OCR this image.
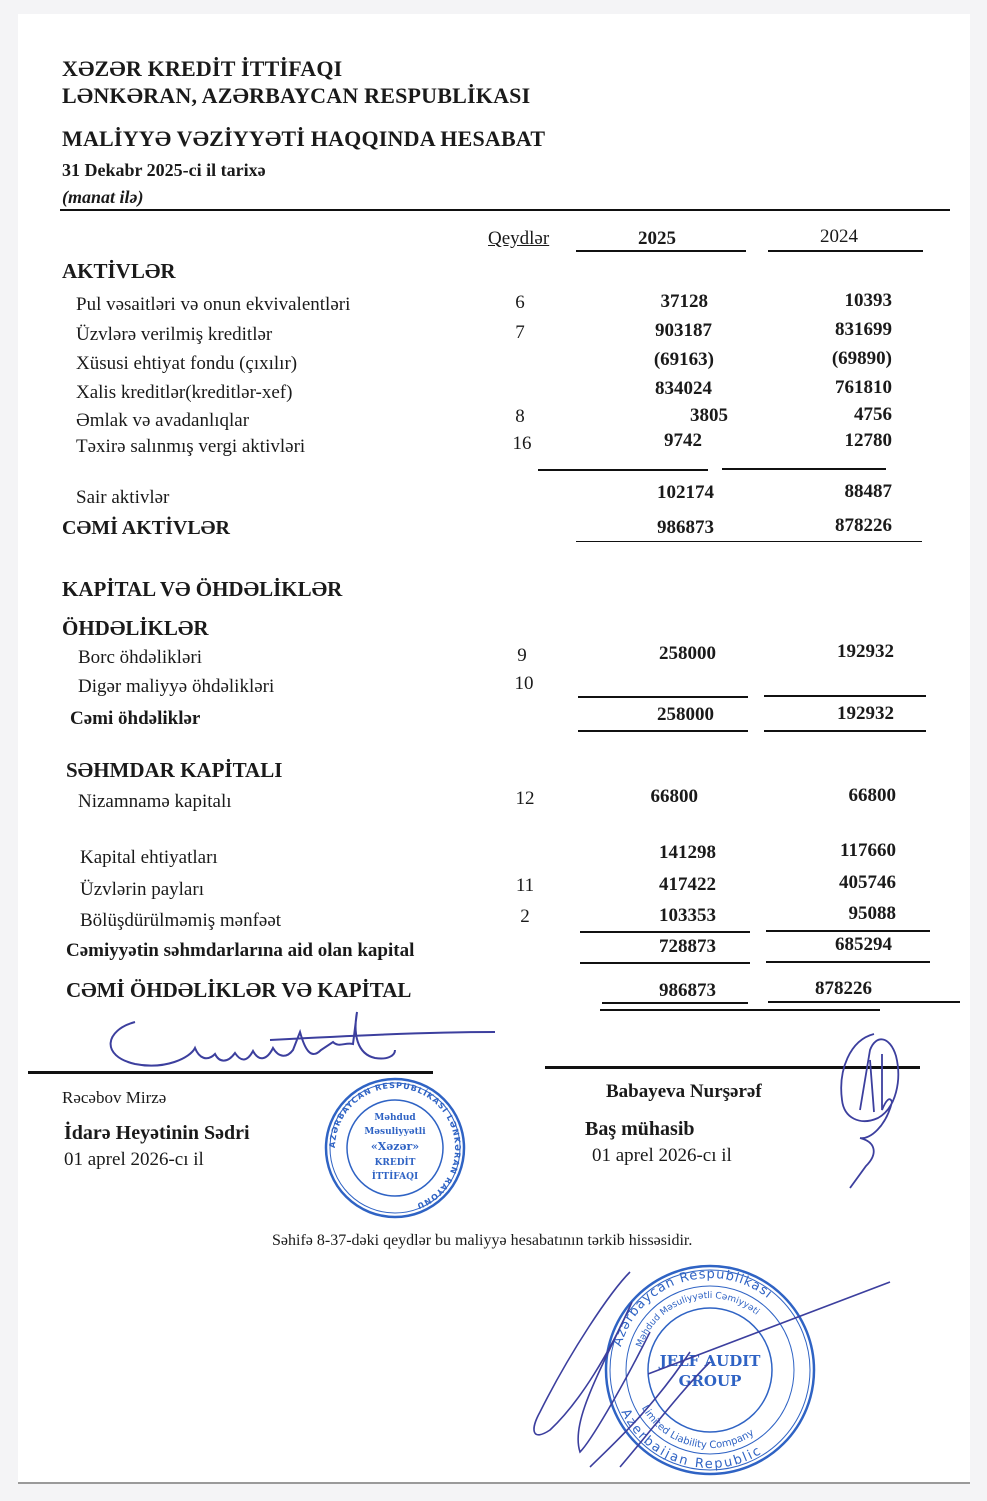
XƏZƏR KREDİT İTTİFAQI
LƏNKƏRAN, AZƏRBAYCAN RESPUBLİKASI
MALİYYƏ VƏZİYYƏTİ HAQQINDA HESABAT
31 Dekabr 2025-ci il tarixə
(manat ilə)
Qeydlər	2025	2024
AKTİVLƏR
Pul vəsaitləri və onun ekvivalentləri	6	37128	10393
Üzvlərə verilmiş kreditlər	7	903187	831699
Xüsusi ehtiyat fondu (çıxılır)	(69163)	(69890)
Xalis kreditlər(kreditlər-xef)	834024	761810
Əmlak və avadanlıqlar	8	3805	4756
Təxirə salınmış vergi aktivləri	16	9742	12780
Sair aktivlər	102174	88487
CƏMİ AKTİVLƏR	986873	878226
KAPİTAL VƏ ÖHDƏLİKLƏR
ÖHDƏLİKLƏR
Borc öhdəlikləri	9	258000	192932
Digər maliyyə öhdəlikləri	10
Cəmi öhdəliklər	258000	192932
SƏHMDAR KAPİTALI
Nizamnamə kapitalı	12	66800	66800
Kapital ehtiyatları	141298	117660
Üzvlərin payları	11	417422	405746
Bölüşdürülməmiş mənfəət	2	103353	95088
Cəmiyyətin səhmdarlarına aid olan kapital	728873	685294
CƏMİ ÖHDƏLİKLƏR VƏ KAPİTAL	986873	878226
Rəcəbov Mirzə
İdarə Heyətinin Sədri
01 aprel 2026-cı il
AZƏRBAYCAN RESPUBLİKASI LƏNKƏRAN RAYONU
Məhdud
Məsuliyyətli
«Xəzər»
KREDİT
İTTİFAQI
Babayeva Nurşərəf
Baş mühasib
01 aprel 2026-cı il
Səhifə 8-37-dəki qeydlər bu maliyyə hesabatının tərkib hissəsidir.
Azərbaycan Respublikası
Azerbaijan Republic
Məhdud Məsuliyyətli Cəmiyyəti
Limited Liability Company
JELF AUDIT
GROUP
